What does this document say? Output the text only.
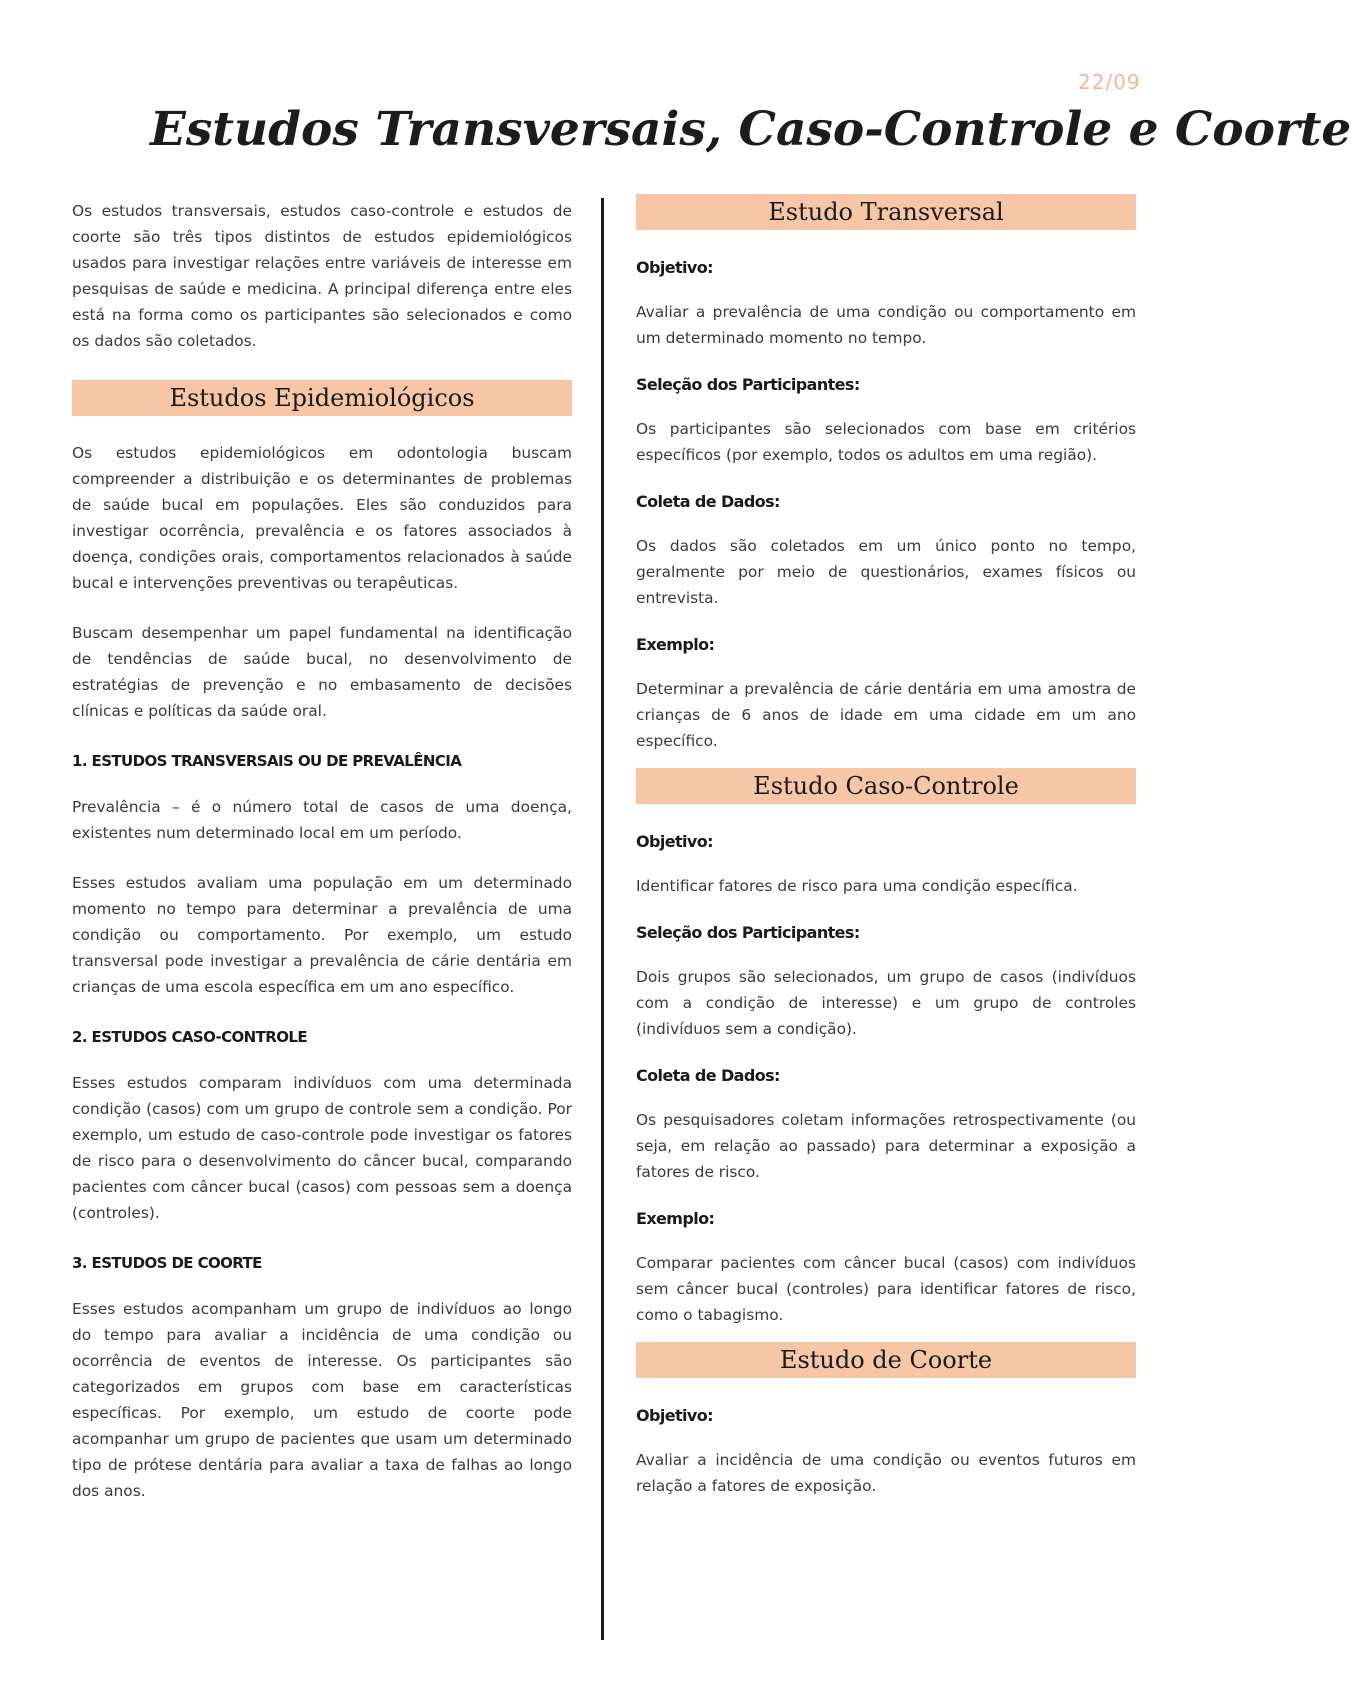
22/09
Estudos Transversais, Caso-Controle e Coorte

Os estudos transversais, estudos caso-controle e estudos de coorte são três tipos distintos de estudos epidemiológicos usados para investigar relações entre variáveis de interesse em pesquisas de saúde e medicina. A principal diferença entre eles está na forma como os participantes são selecionados e como os dados são coletados.

Estudos Epidemiológicos

Os estudos epidemiológicos em odontologia buscam compreender a distribuição e os determinantes de problemas de saúde bucal em populações. Eles são conduzidos para investigar ocorrência, prevalência e os fatores associados à doença, condições orais, comportamentos relacionados à saúde bucal e intervenções preventivas ou terapêuticas.

Buscam desempenhar um papel fundamental na identificação de tendências de saúde bucal, no desenvolvimento de estratégias de prevenção e no embasamento de decisões clínicas e políticas da saúde oral.

1. ESTUDOS TRANSVERSAIS OU DE PREVALÊNCIA

Prevalência – é o número total de casos de uma doença, existentes num determinado local em um período.

Esses estudos avaliam uma população em um determinado momento no tempo para determinar a prevalência de uma condição ou comportamento. Por exemplo, um estudo transversal pode investigar a prevalência de cárie dentária em crianças de uma escola específica em um ano específico.

2. ESTUDOS CASO-CONTROLE

Esses estudos comparam indivíduos com uma determinada condição (casos) com um grupo de controle sem a condição. Por exemplo, um estudo de caso-controle pode investigar os fatores de risco para o desenvolvimento do câncer bucal, comparando pacientes com câncer bucal (casos) com pessoas sem a doença (controles).

3. ESTUDOS DE COORTE

Esses estudos acompanham um grupo de indivíduos ao longo do tempo para avaliar a incidência de uma condição ou ocorrência de eventos de interesse. Os participantes são categorizados em grupos com base em características específicas. Por exemplo, um estudo de coorte pode acompanhar um grupo de pacientes que usam um determinado tipo de prótese dentária para avaliar a taxa de falhas ao longo dos anos.

Estudo Transversal
Objetivo:

Avaliar a prevalência de uma condição ou comportamento em um determinado momento no tempo.

Seleção dos Participantes:

Os participantes são selecionados com base em critérios específicos (por exemplo, todos os adultos em uma região).

Coleta de Dados:

Os dados são coletados em um único ponto no tempo, geralmente por meio de questionários, exames físicos ou entrevista.

Exemplo:

Determinar a prevalência de cárie dentária em uma amostra de crianças de 6 anos de idade em uma cidade em um ano específico.

Estudo Caso-Controle
Objetivo:

Identificar fatores de risco para uma condição específica.

Seleção dos Participantes:

Dois grupos são selecionados, um grupo de casos (indivíduos com a condição de interesse) e um grupo de controles (indivíduos sem a condição).

Coleta de Dados:

Os pesquisadores coletam informações retrospectivamente (ou seja, em relação ao passado) para determinar a exposição a fatores de risco.

Exemplo:

Comparar pacientes com câncer bucal (casos) com indivíduos sem câncer bucal (controles) para identificar fatores de risco, como o tabagismo.

Estudo de Coorte
Objetivo:

Avaliar a incidência de uma condição ou eventos futuros em relação a fatores de exposição.
